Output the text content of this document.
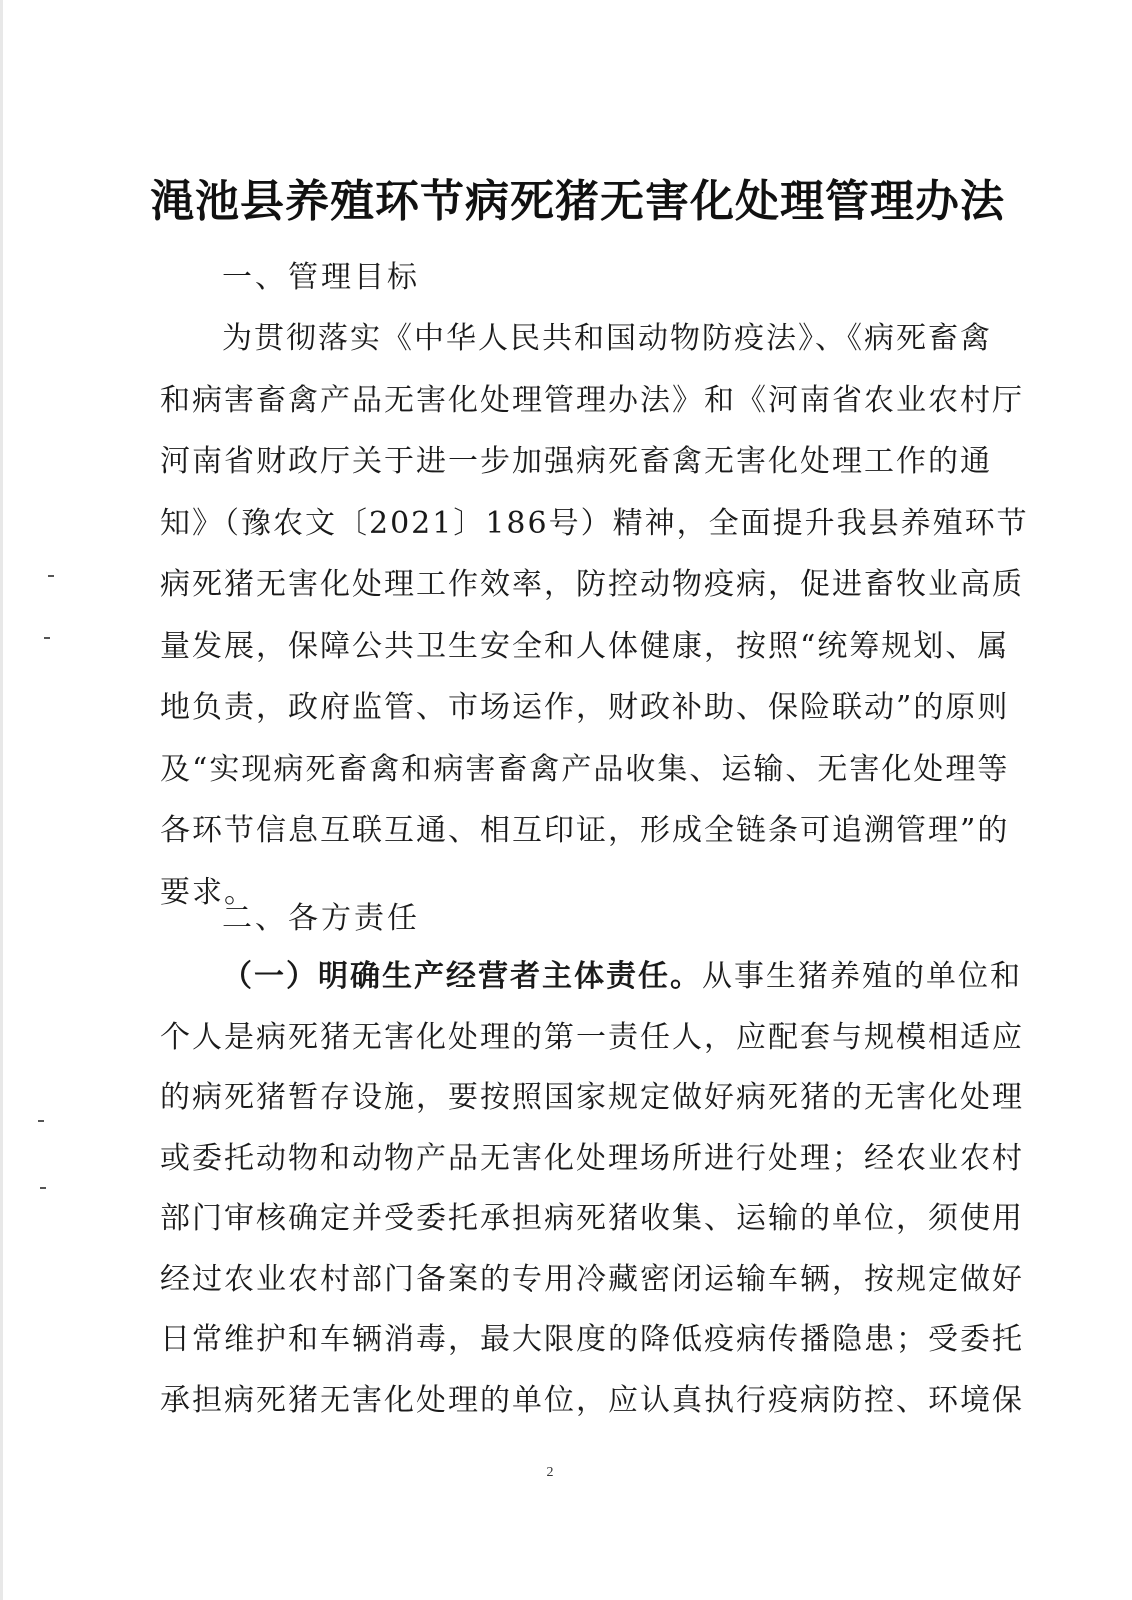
渑池县养殖环节病死猪无害化处理管理办法
一、管理目标
为贯彻落实《中华人民共和国动物防疫法》、《病死畜禽
和病害畜禽产品无害化处理管理办法》和《河南省农业农村厅
河南省财政厅关于进一步加强病死畜禽无害化处理工作的通
知》（豫农文〔2021〕186号）精神，全面提升我县养殖环节
病死猪无害化处理工作效率，防控动物疫病，促进畜牧业高质
量发展，保障公共卫生安全和人体健康，按照“统筹规划、属
地负责，政府监管、市场运作，财政补助、保险联动”的原则
及“实现病死畜禽和病害畜禽产品收集、运输、无害化处理等
各环节信息互联互通、相互印证，形成全链条可追溯管理”的
要求。
二、各方责任
（一）明确生产经营者主体责任。从事生猪养殖的单位和
个人是病死猪无害化处理的第一责任人，应配套与规模相适应
的病死猪暂存设施，要按照国家规定做好病死猪的无害化处理
或委托动物和动物产品无害化处理场所进行处理；经农业农村
部门审核确定并受委托承担病死猪收集、运输的单位，须使用
经过农业农村部门备案的专用冷藏密闭运输车辆，按规定做好
日常维护和车辆消毒，最大限度的降低疫病传播隐患；受委托
承担病死猪无害化处理的单位，应认真执行疫病防控、环境保
2
